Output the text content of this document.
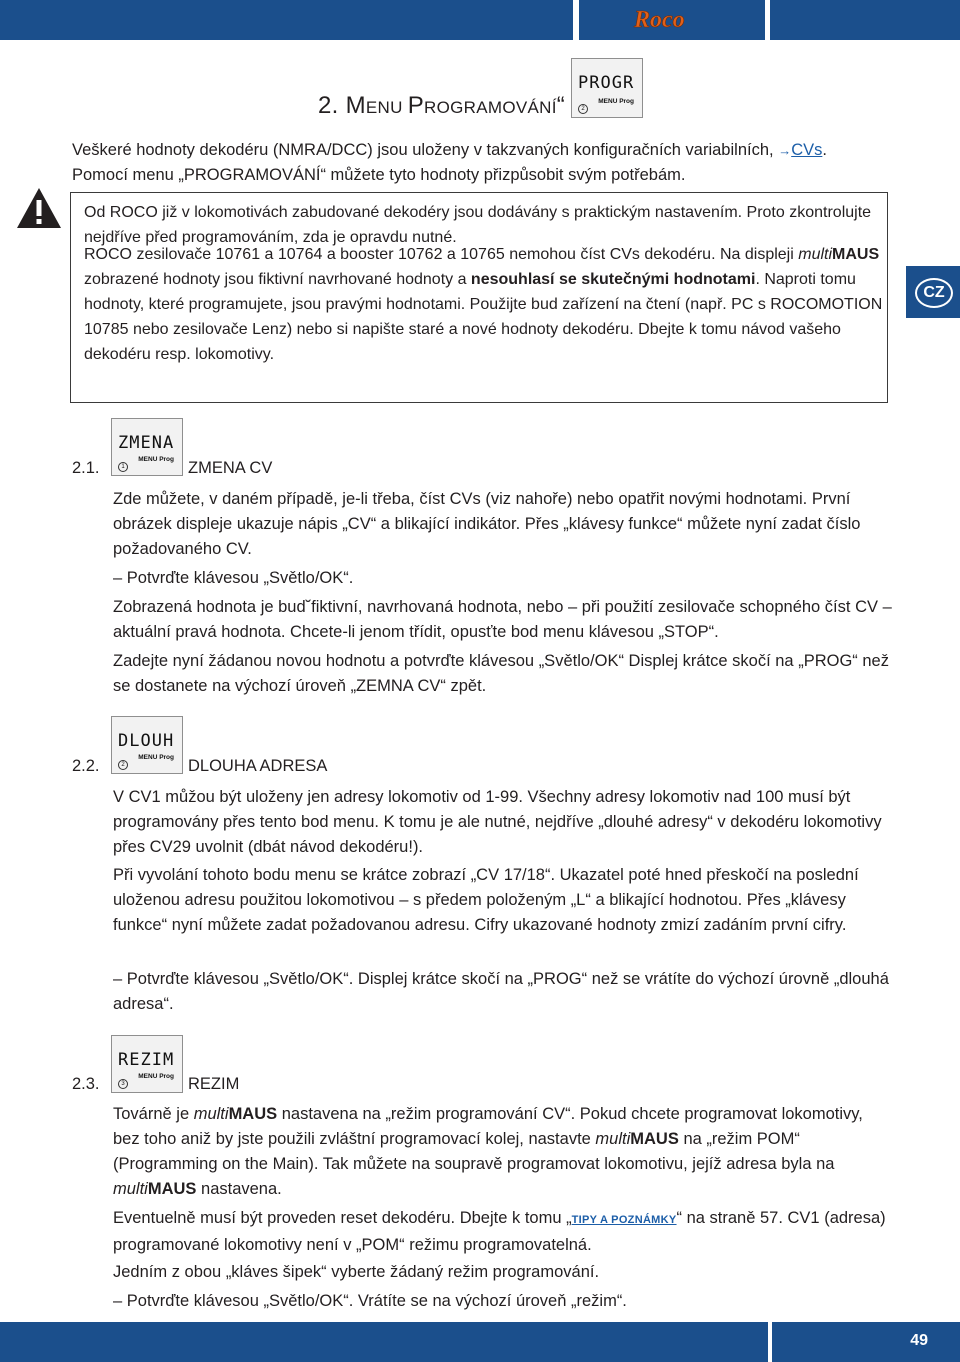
Roco
2. MENU PROGRAMOVÁNÍ“
PROGR
MENU Prog
2
Veškeré hodnoty dekodéru (NMRA/DCC) jsou uloženy v takzvaných konfiguračních variabilních, →CVs.
Pomocí menu „PROGRAMOVÁNÍ“ můžete tyto hodnoty přizpůsobit svým potřebám.
Od ROCO již v lokomotivách zabudované dekodéry jsou dodávány s praktickým nastavením. Proto zkontrolujte nejdříve před programováním, zda je opravdu nutné.
ROCO zesilovače 10761 a 10764 a booster 10762 a 10765 nemohou číst CVs dekodéru. Na displeji multiMAUS zobrazené hodnoty jsou fiktivní navrhované hodnoty a nesouhlasí se skutečnými hodnotami. Naproti tomu hodnoty, které programujete, jsou pravými hodnotami. Použijte bud zařízení na čtení (např. PC s ROCOMOTION 10785 nebo zesilovače Lenz) nebo si napište staré a nové hodnoty dekodéru. Dbejte k tomu návod vašeho dekodéru resp. lokomotivy.
CZ
ZMENA
MENU Prog
1
2.1.	ZMENA CV
Zde můžete, v daném případě, je-li třeba, číst CVs (viz nahoře) nebo opatřit novými hodnotami. První obrázek displeje ukazuje nápis „CV“ a blikající indikátor. Přes „klávesy funkce“ můžete nyní zadat číslo požadovaného CV.
– Potvrďte klávesou „Světlo/OK“.
Zobrazená hodnota je bud˘fiktivní, navrhovaná hodnota, nebo – při použití zesilovače schopného číst CV – aktuální pravá hodnota. Chcete-li jenom třídit, opusťte bod menu klávesou „STOP“.
Zadejte nyní žádanou novou hodnotu a potvrďte klávesou „Světlo/OK“ Displej krátce skočí na „PROG“ než se dostanete na výchozí úroveň „ZEMNA CV“ zpět.
DLOUH
MENU Prog
2
2.2.	DLOUHA ADRESA
V CV1 můžou být uloženy jen adresy lokomotiv od 1-99. Všechny adresy lokomotiv nad 100 musí být programovány přes tento bod menu. K tomu je ale nutné, nejdříve „dlouhé adresy“ v dekodéru lokomotivy přes CV29 uvolnit (dbát návod dekodéru!).
Při vyvolání tohoto bodu menu se krátce zobrazí „CV 17/18“. Ukazatel poté hned přeskočí na poslední uloženou adresu použitou lokomotivou – s předem položeným „L“ a blikající hodnotou. Přes „klávesy funkce“ nyní můžete zadat požadovanou adresu. Cifry ukazované hodnoty zmizí zadáním první cifry.
– Potvrďte klávesou „Světlo/OK“. Displej krátce skočí na „PROG“ než se vrátíte do výchozí úrovně „dlouhá adresa“.
REZIM
MENU Prog
3
2.3.	REZIM
Továrně je multiMAUS nastavena na „režim programování CV“. Pokud chcete programovat lokomotivy, bez toho aniž by jste použili zvláštní programovací kolej, nastavte multiMAUS na „režim POM“ (Programming on the Main). Tak můžete na soupravě programovat lokomotivu, jejíž adresa byla na multiMAUS nastavena.
Eventuelně musí být proveden reset dekodéru. Dbejte k tomu „TIPY A POZNÁMKY“ na straně 57. CV1 (adresa) programované lokomotivy není v „POM“ režimu programovatelná.
Jedním z obou „kláves šipek“ vyberte žádaný režim programování.
– Potvrďte klávesou „Světlo/OK“. Vrátíte se na výchozí úroveň „režim“.
49
